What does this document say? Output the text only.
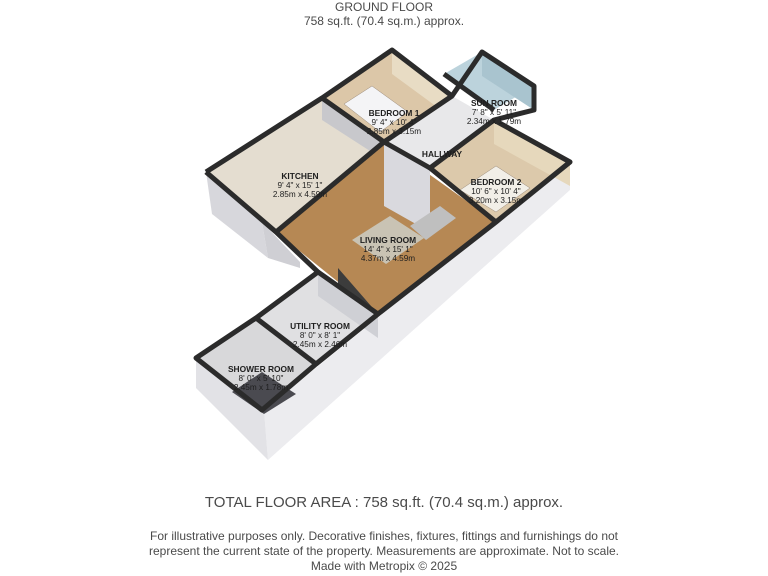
GROUND FLOOR
758 sq.ft. (70.4 sq.m.) approx.
BEDROOM 1
9' 4" x 10' 4"
2.85m x 3.15m
SUN ROOM
7' 8" x 5' 11"
2.34m x 1.79m
HALLWAY
KITCHEN
9' 4" x 15' 1"
2.85m x 4.59m
BEDROOM 2
10' 6" x 10' 4"
3.20m x 3.15m
LIVING ROOM
14' 4" x 15' 1"
4.37m x 4.59m
UTILITY ROOM
8' 0" x 8' 1"
2.45m x 2.46m
SHOWER ROOM
8' 0" x 5' 10"
2.45m x 1.78m
TOTAL FLOOR AREA : 758 sq.ft. (70.4 sq.m.) approx.
For illustrative purposes only. Decorative finishes, fixtures, fittings and furnishings do not
represent the current state of the property. Measurements are approximate. Not to scale.
Made with Metropix © 2025
